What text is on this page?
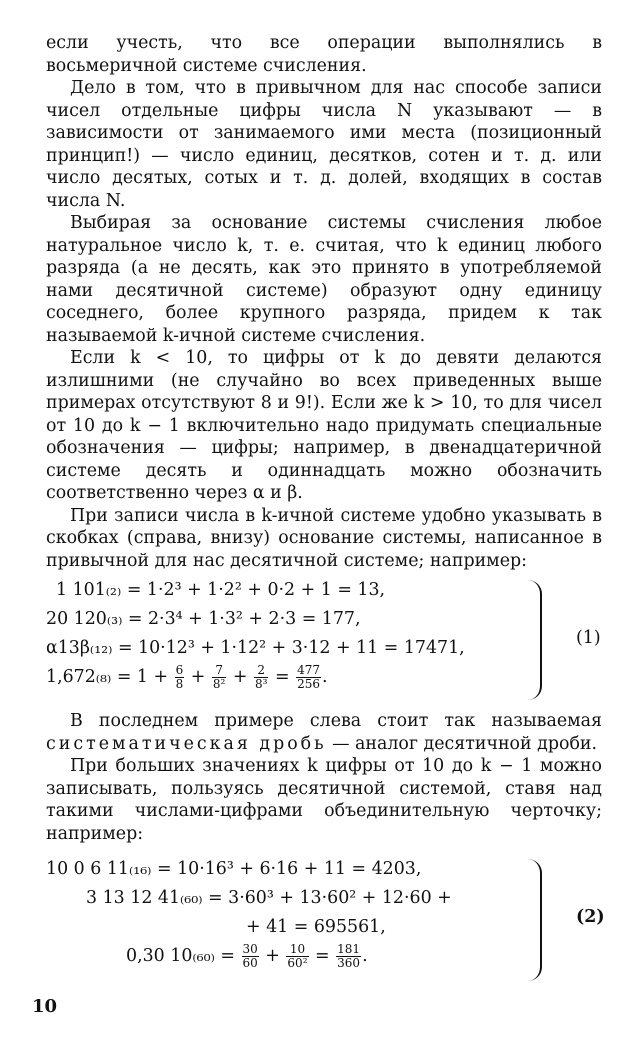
если учесть, что все операции выполнялись в восьмеричной системе счисления.

Дело в том, что в привычном для нас способе записи чисел отдельные цифры числа N указывают — в зависимости от занимаемого ими места (позиционный принцип!) — число единиц, десятков, сотен и т. д. или число десятых, сотых и т. д. долей, входящих в состав числа N.

Выбирая за основание системы счисления любое натуральное число k, т. е. считая, что k единиц любого разряда (а не десять, как это принято в употребляемой нами десятичной системе) образуют одну единицу соседнего, более крупного разряда, придем к так называемой k-ичной системе счисления.

Если k < 10, то цифры от k до девяти делаются излишними (не случайно во всех приведенных выше примерах отсутствуют 8 и 9!). Если же k > 10, то для чисел от 10 до k − 1 включительно надо придумать специальные обозначения — цифры; например, в двенадцатеричной системе десять и одиннадцать можно обозначить соответственно через α и β.

При записи числа в k-ичной системе удобно указывать в скобках (справа, внизу) основание системы, написанное в привычной для нас десятичной системе; например:

1 101₍₂₎ = 1·2³ + 1·2² + 0·2 + 1 = 13,
20 120₍₃₎ = 2·3⁴ + 1·3² + 2·3 = 177,
α13β₍₁₂₎ = 10·12³ + 1·12² + 3·12 + 11 = 17471,
$1,672_{(8)} = 1 + \frac{6}{8} + \frac{7}{\text{8²}} + \frac{2}{\text{8³}} = \frac{477}{256}$ .
(1)

В последнем примере слева стоит так называемая систематическая дробь — аналог десятичной дроби.

При больших значениях k цифры от 10 до k − 1 можно записывать, пользуясь десятичной системой, ставя над такими числами-цифрами объединительную черточку; например:

10 0 6 11₍₁₆₎ = 10·16³ + 6·16 + 11 = 4203,
3 13 12 41₍₆₀₎ = 3·60³ + 13·60² + 12·60 +
+ 41 = 695561,
0,30 $10_{(60)} = \frac{30}{60} + \frac{10}{\text{60²}} = \frac{181}{360}$ .
(2)
10
